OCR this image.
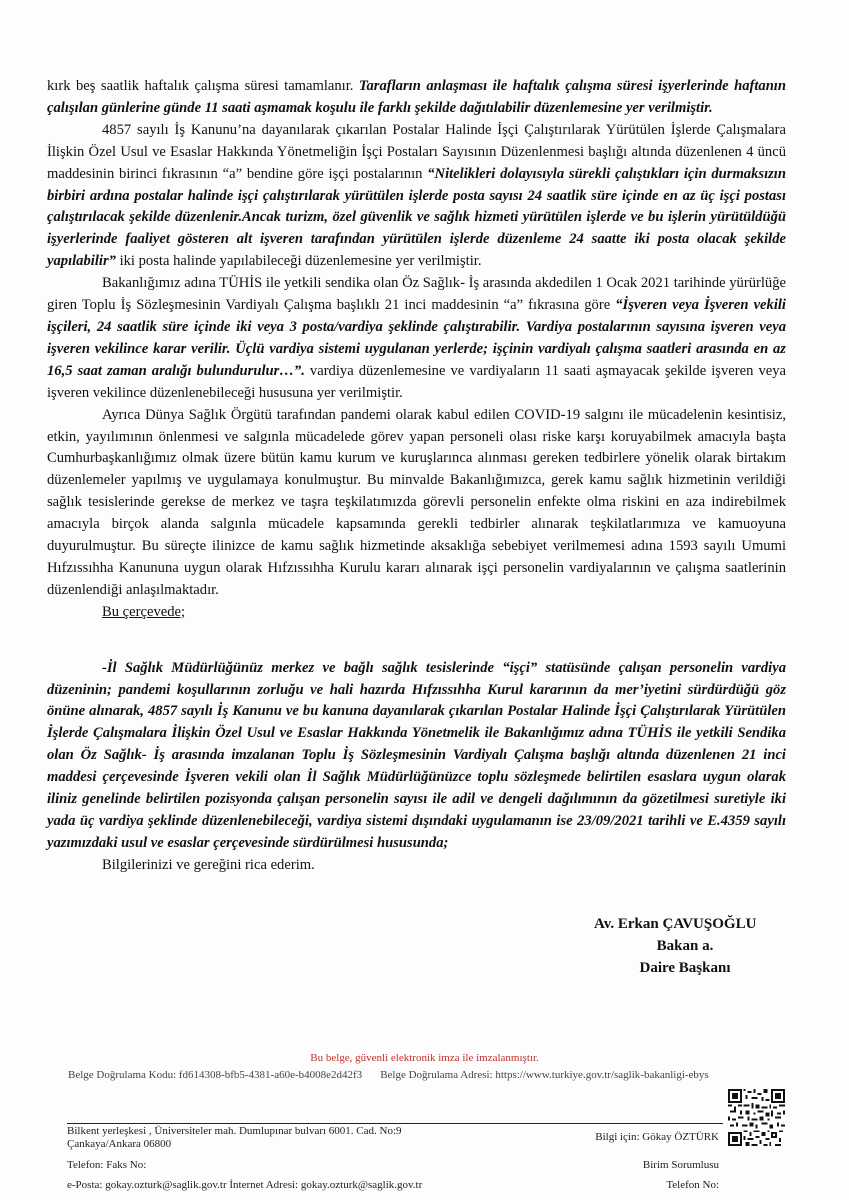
kırk beş saatlik haftalık çalışma süresi tamamlanır. Tarafların anlaşması ile haftalık çalışma süresi işyerlerinde haftanın çalışılan günlerine günde 11 saati aşmamak koşulu ile farklı şekilde dağıtılabilir düzenlemesine yer verilmiştir.

4857 sayılı İş Kanunu’na dayanılarak çıkarılan Postalar Halinde İşçi Çalıştırılarak Yürütülen İşlerde Çalışmalara İlişkin Özel Usul ve Esaslar Hakkında Yönetmeliğin İşçi Postaları Sayısının Düzenlenmesi başlığı altında düzenlenen 4 üncü maddesinin birinci fıkrasının “a” bendine göre işçi postalarının “Nitelikleri dolayısıyla sürekli çalıştıkları için durmaksızın birbiri ardına postalar halinde işçi çalıştırılarak yürütülen işlerde posta sayısı 24 saatlik süre içinde en az üç işçi postası çalıştırılacak şekilde düzenlenir.Ancak turizm, özel güvenlik ve sağlık hizmeti yürütülen işlerde ve bu işlerin yürütüldüğü işyerlerinde faaliyet gösteren alt işveren tarafından yürütülen işlerde düzenleme 24 saatte iki posta olacak şekilde yapılabilir” iki posta halinde yapılabileceği düzenlemesine yer verilmiştir.

Bakanlığımız adına TÜHİS ile yetkili sendika olan Öz Sağlık- İş arasında akdedilen 1 Ocak 2021 tarihinde yürürlüğe giren Toplu İş Sözleşmesinin Vardiyalı Çalışma başlıklı 21 inci maddesinin “a” fıkrasına göre “İşveren veya İşveren vekili işçileri, 24 saatlik süre içinde iki veya 3 posta/vardiya şeklinde çalıştırabilir. Vardiya postalarının sayısına işveren veya işveren vekilince karar verilir. Üçlü vardiya sistemi uygulanan yerlerde; işçinin vardiyalı çalışma saatleri arasında en az 16,5 saat zaman aralığı bulundurulur…”. vardiya düzenlemesine ve vardiyaların 11 saati aşmayacak şekilde işveren veya işveren vekilince düzenlenebileceği hususuna yer verilmiştir.

Ayrıca Dünya Sağlık Örgütü tarafından pandemi olarak kabul edilen COVID-19 salgını ile mücadelenin kesintisiz, etkin, yayılımının önlenmesi ve salgınla mücadelede görev yapan personeli olası riske karşı koruyabilmek amacıyla başta Cumhurbaşkanlığımız olmak üzere bütün kamu kurum ve kuruşlarınca alınması gereken tedbirlere yönelik olarak birtakım düzenlemeler yapılmış ve uygulamaya konulmuştur. Bu minvalde Bakanlığımızca, gerek kamu sağlık hizmetinin verildiği sağlık tesislerinde gerekse de merkez ve taşra teşkilatımızda görevli personelin enfekte olma riskini en aza indirebilmek amacıyla birçok alanda salgınla mücadele kapsamında gerekli tedbirler alınarak teşkilatlarımıza ve kamuoyuna duyurulmuştur. Bu süreçte ilinizce de kamu sağlık hizmetinde aksaklığa sebebiyet verilmemesi adına 1593 sayılı Umumi Hıfzıssıhha Kanununa uygun olarak Hıfzıssıhha Kurulu kararı alınarak işçi personelin vardiyalarının ve çalışma saatlerinin düzenlendiği anlaşılmaktadır.

Bu çerçevede;

-İl Sağlık Müdürlüğünüz merkez ve bağlı sağlık tesislerinde “işçi” statüsünde çalışan personelin vardiya düzeninin; pandemi koşullarının zorluğu ve hali hazırda Hıfzıssıhha Kurul kararının da mer’iyetini sürdürdüğü göz önüne alınarak, 4857 sayılı İş Kanunu ve bu kanuna dayanılarak çıkarılan Postalar Halinde İşçi Çalıştırılarak Yürütülen İşlerde Çalışmalara İlişkin Özel Usul ve Esaslar Hakkında Yönetmelik ile Bakanlığımız adına TÜHİS ile yetkili Sendika olan Öz Sağlık- İş arasında imzalanan Toplu İş Sözleşmesinin Vardiyalı Çalışma başlığı altında düzenlenen 21 inci maddesi çerçevesinde İşveren vekili olan İl Sağlık Müdürlüğünüzce toplu sözleşmede belirtilen esaslara uygun olarak iliniz genelinde belirtilen pozisyonda çalışan personelin sayısı ile adil ve dengeli dağılımının da gözetilmesi suretiyle iki yada üç vardiya şeklinde düzenlenebileceği, vardiya sistemi dışındaki uygulamanın ise 23/09/2021 tarihli ve E.4359 sayılı yazımızdaki usul ve esaslar çerçevesinde sürdürülmesi hususunda;

Bilgilerinizi ve gereğini rica ederim.

Av. Erkan ÇAVUŞOĞLU
Bakan a.
Daire Başkanı
Bu belge, güvenli elektronik imza ile imzalanmıştır.
Belge Doğrulama Kodu: fd614308-bfb5-4381-a60e-b4008e2d42f3 Belge Doğrulama Adresi: https://www.turkiye.gov.tr/saglik-bakanligi-ebys
Bilkent yerleşkesi , Üniversiteler mah. Dumlupınar bulvarı 6001. Cad. No:9
Çankaya/Ankara 06800
Telefon: Faks No:
e-Posta: gokay.ozturk@saglik.gov.tr İnternet Adresi: gokay.ozturk@saglik.gov.tr
Bilgi için: Gökay ÖZTÜRK
Birim Sorumlusu
Telefon No:
